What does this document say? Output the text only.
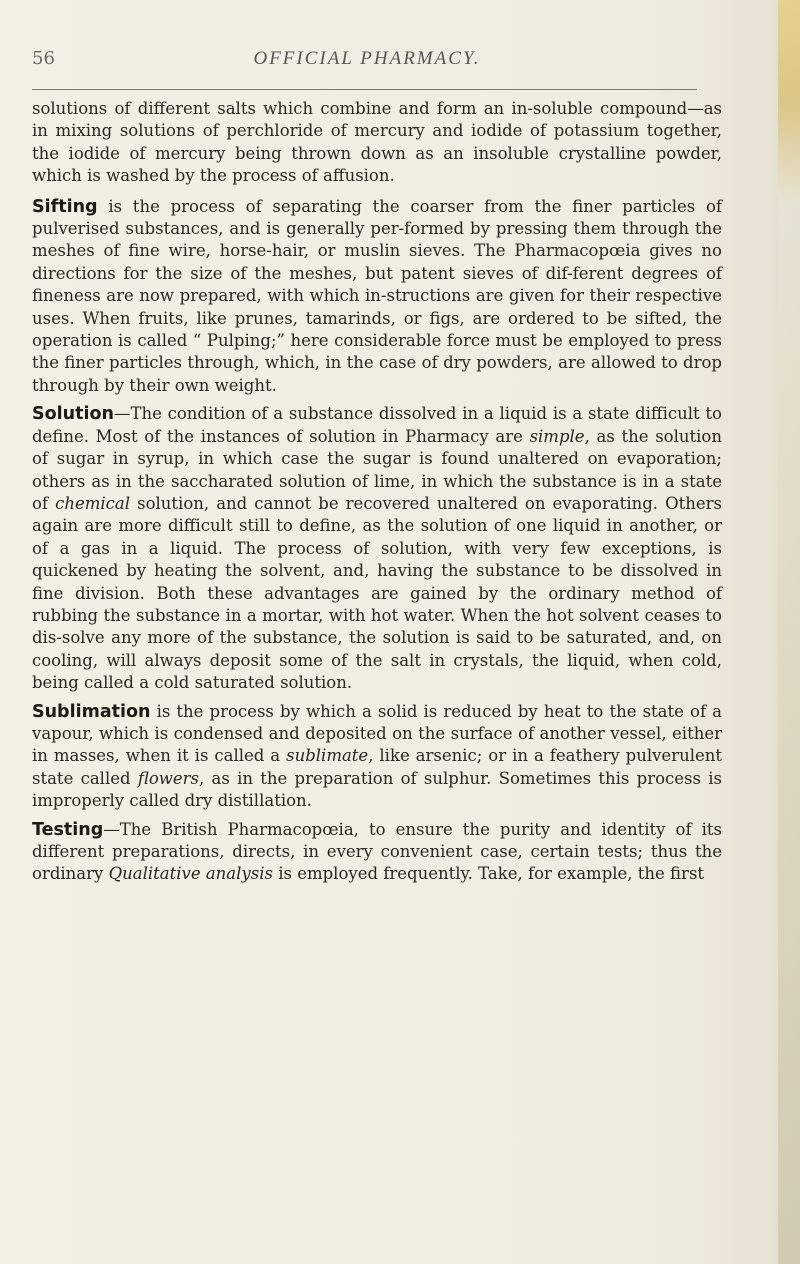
56	OFFICIAL PHARMACY.

solutions of different salts which combine and form an in-soluble compound—as in mixing solutions of perchloride of mercury and iodide of potassium together, the iodide of mercury being thrown down as an insoluble crystalline powder, which is washed by the process of affusion.

Sifting is the process of separating the coarser from the finer particles of pulverised substances, and is generally per-formed by pressing them through the meshes of fine wire, horse-hair, or muslin sieves. The Pharmacopœia gives no directions for the size of the meshes, but patent sieves of dif-ferent degrees of fineness are now prepared, with which in-structions are given for their respective uses. When fruits, like prunes, tamarinds, or figs, are ordered to be sifted, the operation is called “ Pulping;” here considerable force must be employed to press the finer particles through, which, in the case of dry powders, are allowed to drop through by their own weight.

Solution—The condition of a substance dissolved in a liquid is a state difficult to define. Most of the instances of solution in Pharmacy are simple, as the solution of sugar in syrup, in which case the sugar is found unaltered on evaporation; others as in the saccharated solution of lime, in which the substance is in a state of chemical solution, and cannot be recovered unaltered on evaporating. Others again are more difficult still to define, as the solution of one liquid in another, or of a gas in a liquid. The process of solution, with very few exceptions, is quickened by heating the solvent, and, having the substance to be dissolved in fine division. Both these advantages are gained by the ordinary method of rubbing the substance in a mortar, with hot water. When the hot solvent ceases to dis-solve any more of the substance, the solution is said to be saturated, and, on cooling, will always deposit some of the salt in crystals, the liquid, when cold, being called a cold saturated solution.

Sublimation is the process by which a solid is reduced by heat to the state of a vapour, which is condensed and deposited on the surface of another vessel, either in masses, when it is called a sublimate, like arsenic; or in a feathery pulverulent state called flowers, as in the preparation of sulphur. Sometimes this process is improperly called dry distillation.

Testing—The British Pharmacopœia, to ensure the purity and identity of its different preparations, directs, in every convenient case, certain tests; thus the ordinary Qualitative analysis is employed frequently. Take, for example, the first
